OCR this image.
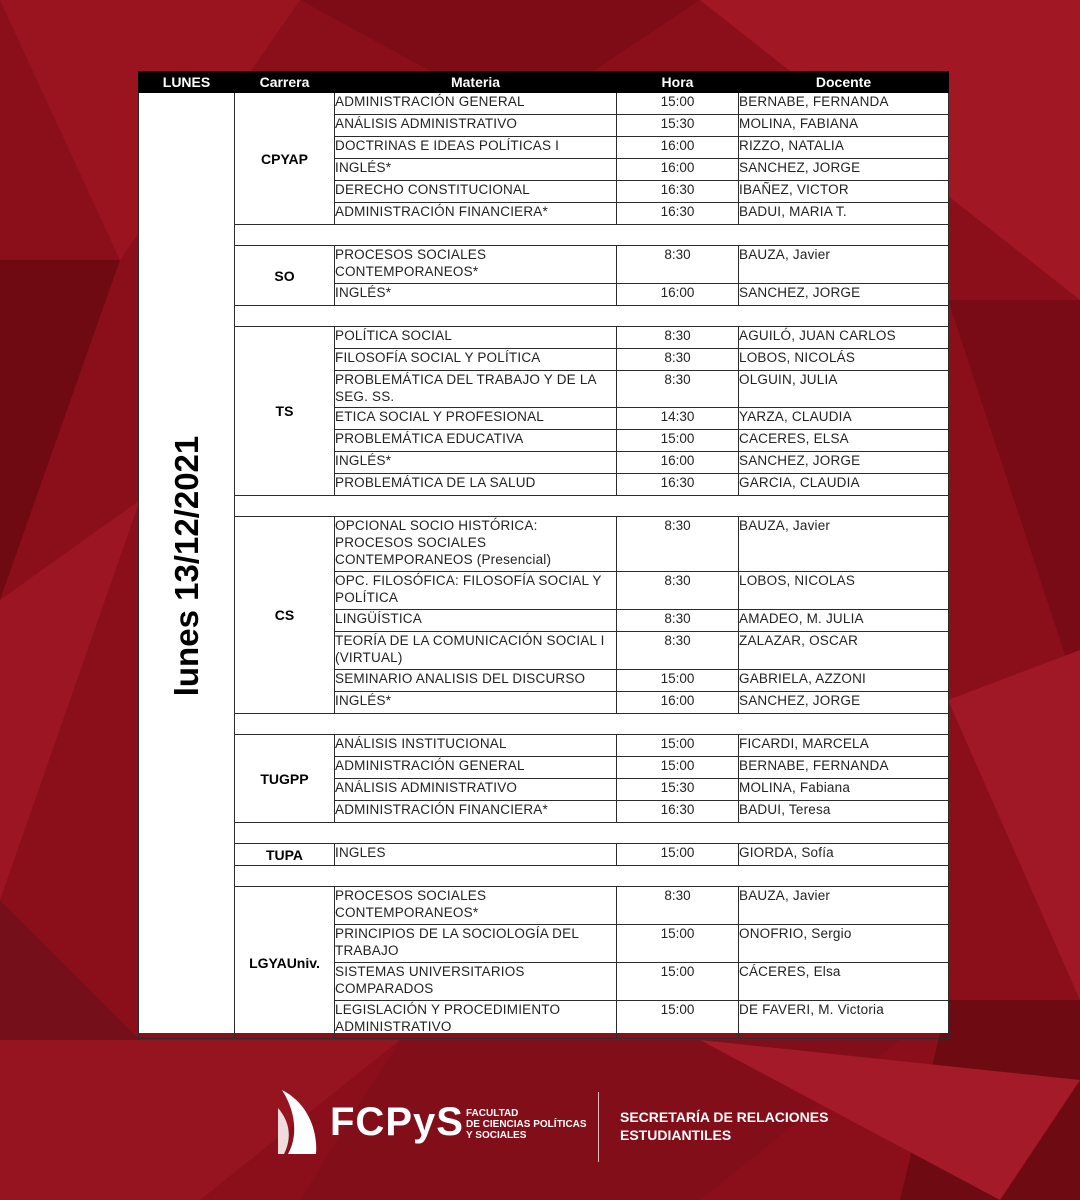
LUNES	Carrera	Materia	Hora	Docente

lunes 13/12/2021	CPYAP	ADMINISTRACIÓN GENERAL	15:00	BERNABE, FERNANDA
		ANÁLISIS ADMINISTRATIVO	15:30	MOLINA, FABIANA
		DOCTRINAS E IDEAS POLÍTICAS I	16:00	RIZZO, NATALIA
		INGLÉS*	16:00	SANCHEZ, JORGE
		DERECHO CONSTITUCIONAL	16:30	IBAÑEZ, VICTOR
		ADMINISTRACIÓN FINANCIERA*	16:30	BADUI, MARIA T.

	SO	PROCESOS SOCIALES CONTEMPORANEOS*	8:30	BAUZA, Javier
		INGLÉS*	16:00	SANCHEZ, JORGE

	TS	POLÍTICA SOCIAL	8:30	AGUILÓ, JUAN CARLOS
		FILOSOFÍA SOCIAL Y POLÍTICA	8:30	LOBOS, NICOLÁS
		PROBLEMÁTICA DEL TRABAJO Y DE LA SEG. SS.	8:30	OLGUIN, JULIA
		ETICA SOCIAL Y PROFESIONAL	14:30	YARZA, CLAUDIA
		PROBLEMÁTICA EDUCATIVA	15:00	CACERES, ELSA
		INGLÉS*	16:00	SANCHEZ, JORGE
		PROBLEMÁTICA DE LA SALUD	16:30	GARCIA, CLAUDIA

	CS	OPCIONAL SOCIO HISTÓRICA: PROCESOS SOCIALES CONTEMPORANEOS (Presencial)	8:30	BAUZA, Javier
		OPC. FILOSÓFICA: FILOSOFÍA SOCIAL Y POLÍTICA	8:30	LOBOS, NICOLAS
		LINGÜÍSTICA	8:30	AMADEO, M. JULIA
		TEORÍA DE LA COMUNICACIÓN SOCIAL I (VIRTUAL)	8:30	ZALAZAR, OSCAR
		SEMINARIO ANALISIS DEL DISCURSO	15:00	GABRIELA, AZZONI
		INGLÉS*	16:00	SANCHEZ, JORGE

	TUGPP	ANÁLISIS INSTITUCIONAL	15:00	FICARDI, MARCELA
		ADMINISTRACIÓN GENERAL	15:00	BERNABE, FERNANDA
		ANÁLISIS ADMINISTRATIVO	15:30	MOLINA, Fabiana
		ADMINISTRACIÓN FINANCIERA*	16:30	BADUI, Teresa

	TUPA	INGLES	15:00	GIORDA, Sofía

	LGYAUniv.	PROCESOS SOCIALES CONTEMPORANEOS*	8:30	BAUZA, Javier
		PRINCIPIOS DE LA SOCIOLOGÍA DEL TRABAJO	15:00	ONOFRIO, Sergio
		SISTEMAS UNIVERSITARIOS COMPARADOS	15:00	CÁCERES, Elsa
		LEGISLACIÓN Y PROCEDIMIENTO ADMINISTRATIVO	15:00	DE FAVERI, M. Victoria
FCPyS FACULTAD
DE CIENCIAS POLÍTICAS
Y SOCIALES
SECRETARÍA DE RELACIONES
ESTUDIANTILES
